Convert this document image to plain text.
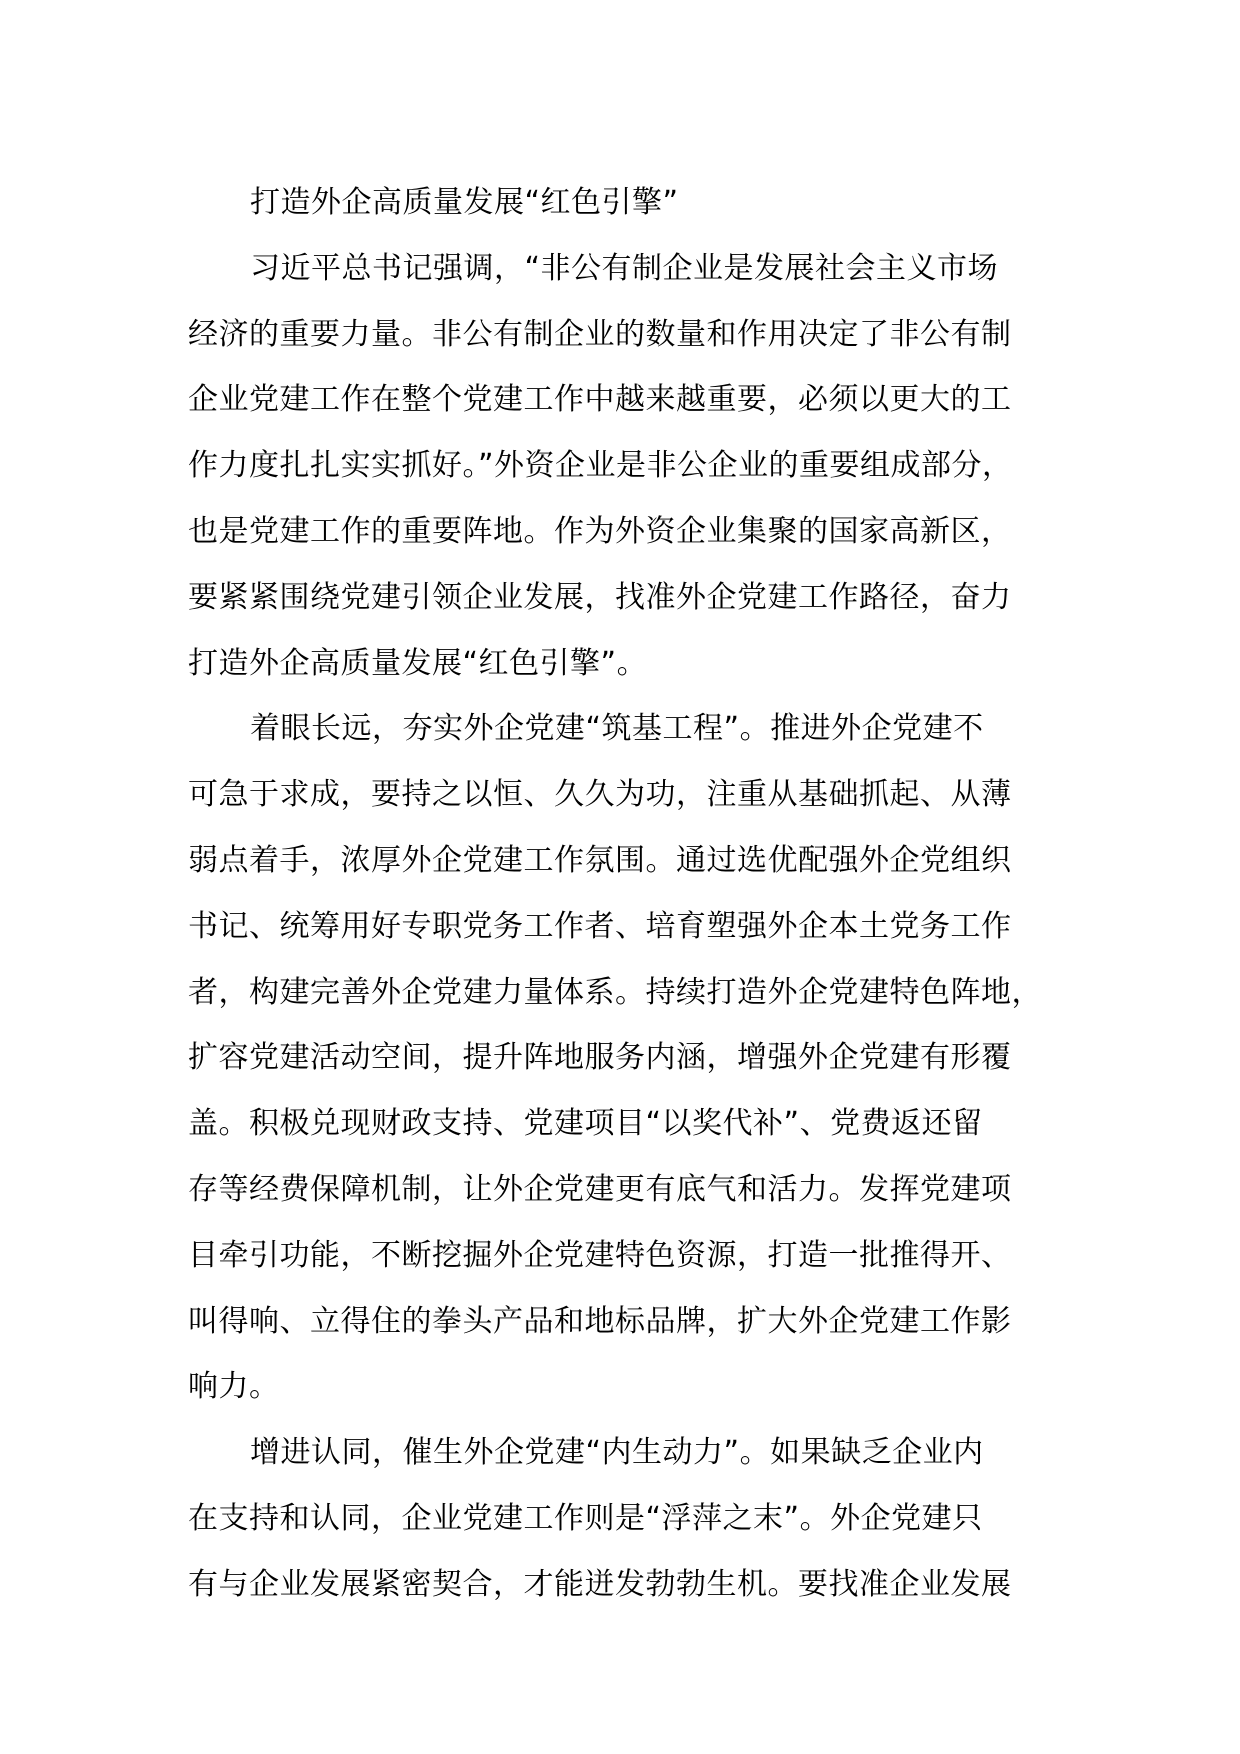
打造外企高质量发展“红色引擎”
习近平总书记强调，“非公有制企业是发展社会主义市场
经济的重要力量。非公有制企业的数量和作用决定了非公有制
企业党建工作在整个党建工作中越来越重要，必须以更大的工
作力度扎扎实实抓好。”外资企业是非公企业的重要组成部分，
也是党建工作的重要阵地。作为外资企业集聚的国家高新区，
要紧紧围绕党建引领企业发展，找准外企党建工作路径，奋力
打造外企高质量发展“红色引擎”。
着眼长远，夯实外企党建“筑基工程”。推进外企党建不
可急于求成，要持之以恒、久久为功，注重从基础抓起、从薄
弱点着手，浓厚外企党建工作氛围。通过选优配强外企党组织
书记、统筹用好专职党务工作者、培育塑强外企本土党务工作
者，构建完善外企党建力量体系。持续打造外企党建特色阵地，
扩容党建活动空间，提升阵地服务内涵，增强外企党建有形覆
盖。积极兑现财政支持、党建项目“以奖代补”、党费返还留
存等经费保障机制，让外企党建更有底气和活力。发挥党建项
目牵引功能，不断挖掘外企党建特色资源，打造一批推得开、
叫得响、立得住的拳头产品和地标品牌，扩大外企党建工作影
响力。
增进认同，催生外企党建“内生动力”。如果缺乏企业内
在支持和认同，企业党建工作则是“浮萍之末”。外企党建只
有与企业发展紧密契合，才能迸发勃勃生机。要找准企业发展
